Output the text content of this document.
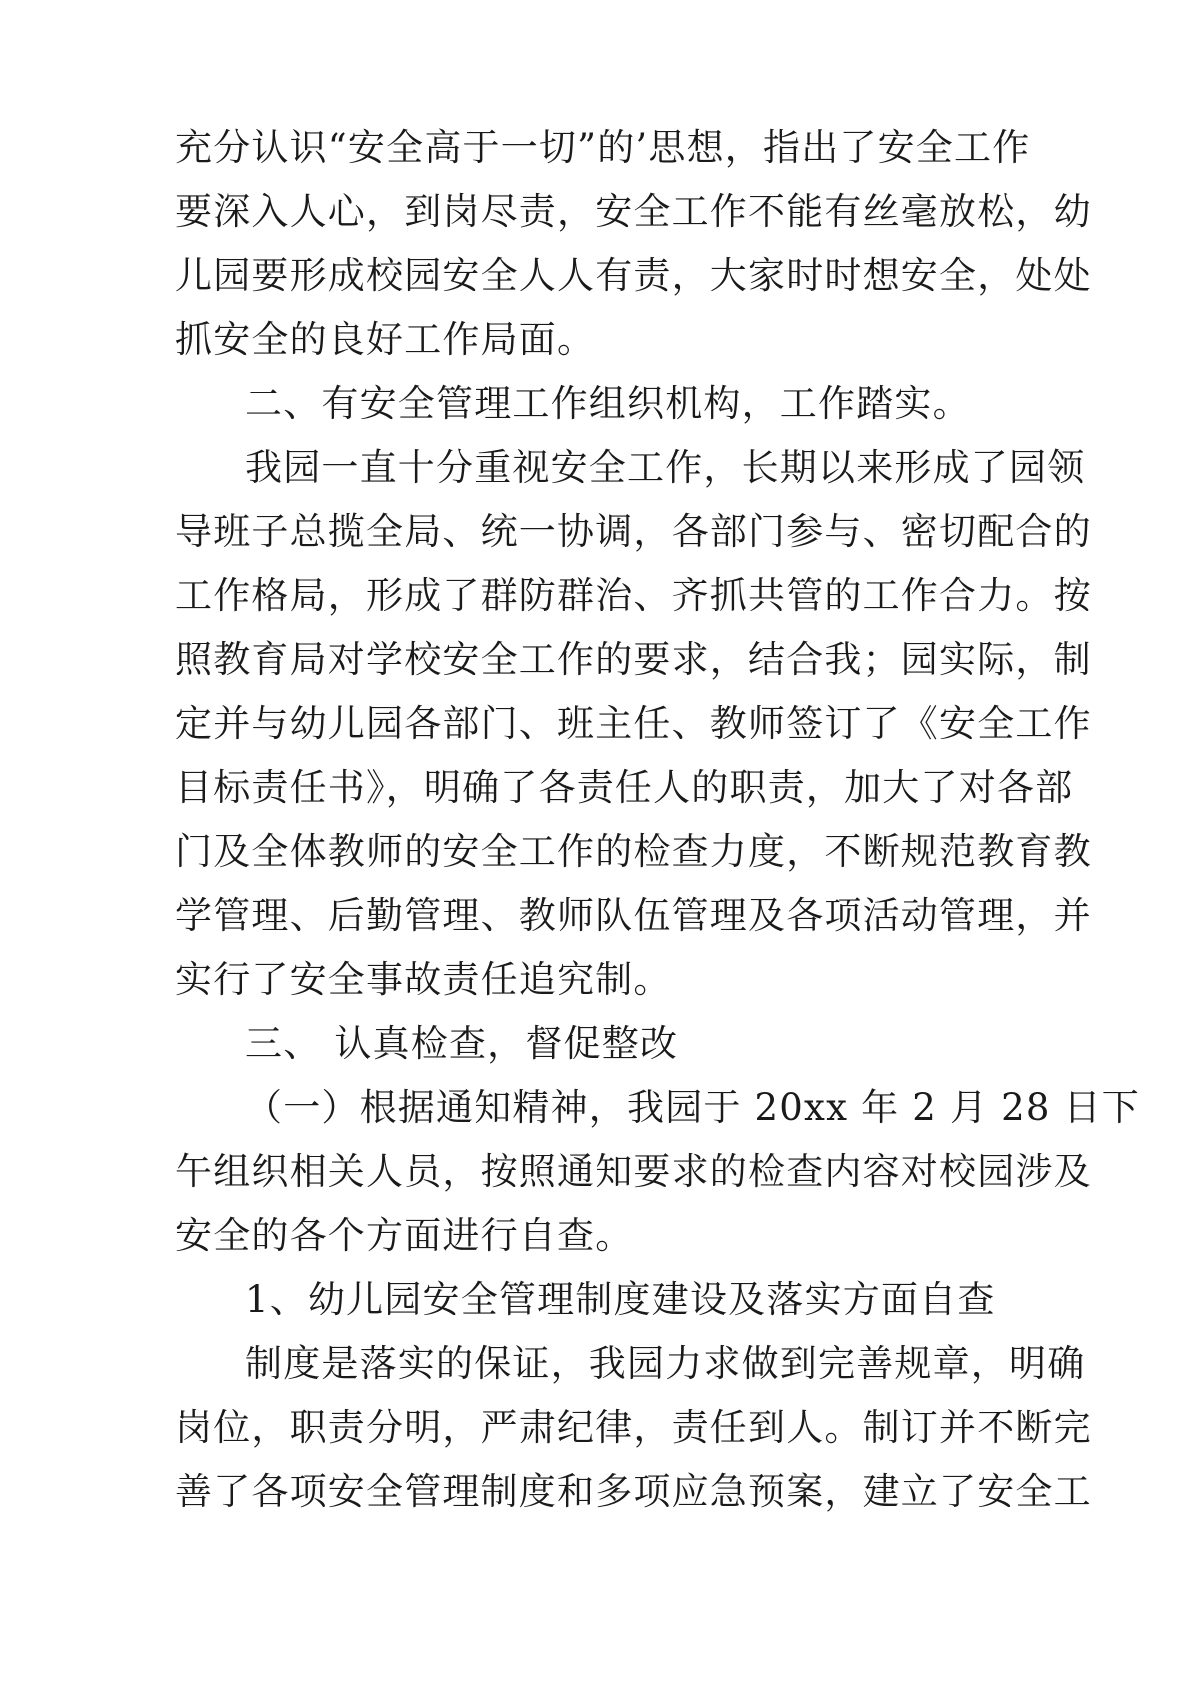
充分认识“安全高于一切”的’思想，指出了安全工作
要深入人心，到岗尽责，安全工作不能有丝毫放松，幼
儿园要形成校园安全人人有责，大家时时想安全，处处
抓安全的良好工作局面。
二、有安全管理工作组织机构，工作踏实。
我园一直十分重视安全工作，长期以来形成了园领
导班子总揽全局、统一协调，各部门参与、密切配合的
工作格局，形成了群防群治、齐抓共管的工作合力。按
照教育局对学校安全工作的要求，结合我；园实际，制
定并与幼儿园各部门、班主任、教师签订了《安全工作
目标责任书》，明确了各责任人的职责，加大了对各部
门及全体教师的安全工作的检查力度，不断规范教育教
学管理、后勤管理、教师队伍管理及各项活动管理，并
实行了安全事故责任追究制。
三、 认真检查，督促整改
（一）根据通知精神，我园于 20xx 年 2 月 28 日下
午组织相关人员，按照通知要求的检查内容对校园涉及
安全的各个方面进行自查。
1、幼儿园安全管理制度建设及落实方面自查
制度是落实的保证，我园力求做到完善规章，明确
岗位，职责分明，严肃纪律，责任到人。制订并不断完
善了各项安全管理制度和多项应急预案，建立了安全工
